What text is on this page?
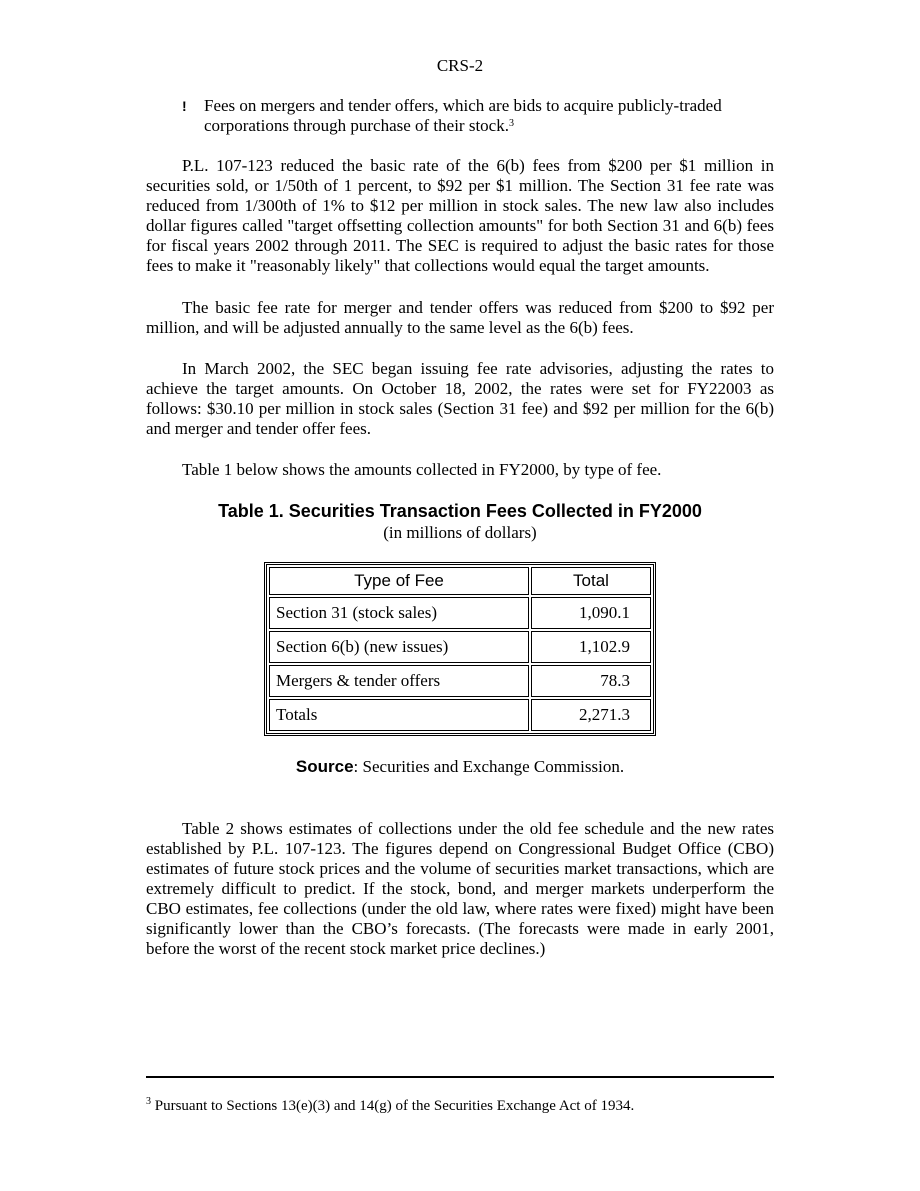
CRS-2
! Fees on mergers and tender offers, which are bids to acquire publicly-traded corporations through purchase of their stock.$^3$

P.L. 107-123 reduced the basic rate of the 6(b) fees from $200 per $1 million in securities sold, or 1/50th of 1 percent, to $92 per $1 million. The Section 31 fee rate was reduced from 1/300th of 1% to $12 per million in stock sales. The new law also includes dollar figures called "target offsetting collection amounts" for both Section 31 and 6(b) fees for fiscal years 2002 through 2011. The SEC is required to adjust the basic rates for those fees to make it "reasonably likely" that collections would equal the target amounts.

The basic fee rate for merger and tender offers was reduced from $200 to $92 per million, and will be adjusted annually to the same level as the 6(b) fees.

In March 2002, the SEC began issuing fee rate advisories, adjusting the rates to achieve the target amounts. On October 18, 2002, the rates were set for FY22003 as follows: $30.10 per million in stock sales (Section 31 fee) and $92 per million for the 6(b) and merger and tender offer fees.

Table 1 below shows the amounts collected in FY2000, by type of fee.

Table 1. Securities Transaction Fees Collected in FY2000
(in millions of dollars)
Type of Fee	Total
Section 31 (stock sales)	1,090.1
Section 6(b) (new issues)	1,102.9
Mergers & tender offers	78.3
Totals	2,271.3
Source: Securities and Exchange Commission.

Table 2 shows estimates of collections under the old fee schedule and the new rates established by P.L. 107-123. The figures depend on Congressional Budget Office (CBO) estimates of future stock prices and the volume of securities market transactions, which are extremely difficult to predict. If the stock, bond, and merger markets underperform the CBO estimates, fee collections (under the old law, where rates were fixed) might have been significantly lower than the CBO’s forecasts. (The forecasts were made in early 2001, before the worst of the recent stock market price declines.)

$^3$ Pursuant to Sections 13(e)(3) and 14(g) of the Securities Exchange Act of 1934.
